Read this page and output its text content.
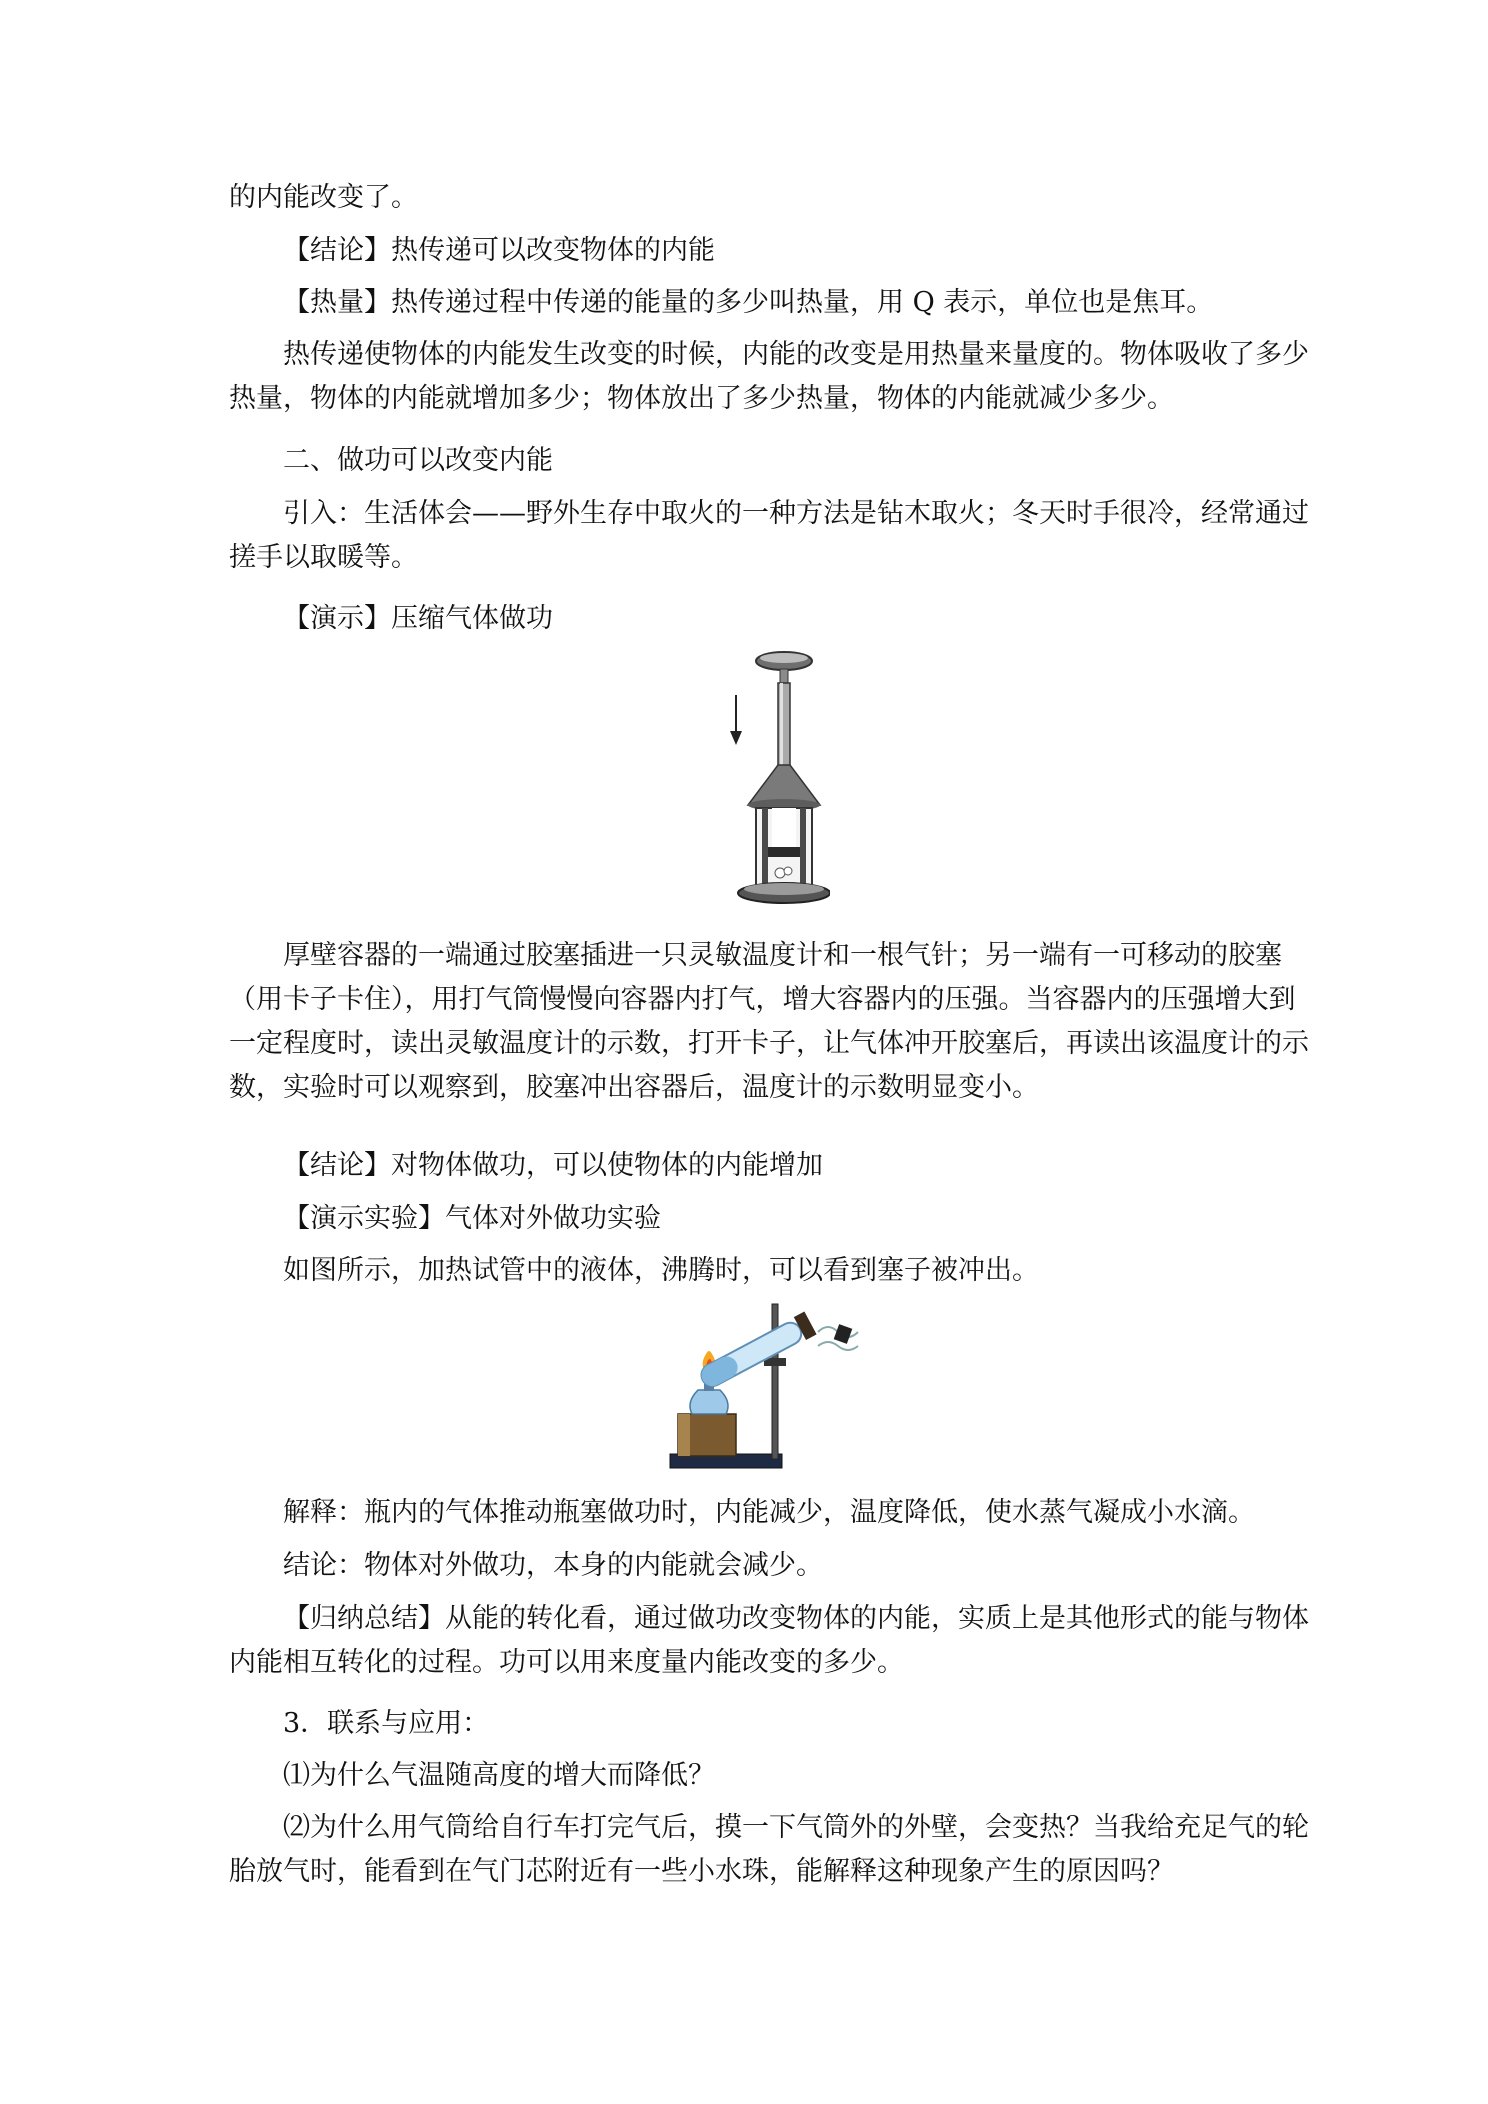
的内能改变了。

【结论】热传递可以改变物体的内能

【热量】热传递过程中传递的能量的多少叫热量，用 Q 表示，单位也是焦耳。

热传递使物体的内能发生改变的时候，内能的改变是用热量来量度的。物体吸收了多少
热量，物体的内能就增加多少；物体放出了多少热量，物体的内能就减少多少。

二、做功可以改变内能

引入：生活体会——野外生存中取火的一种方法是钻木取火；冬天时手很冷，经常通过
搓手以取暖等。

【演示】压缩气体做功

厚壁容器的一端通过胶塞插进一只灵敏温度计和一根气针；另一端有一可移动的胶塞
（用卡子卡住），用打气筒慢慢向容器内打气，增大容器内的压强。当容器内的压强增大到
一定程度时，读出灵敏温度计的示数，打开卡子，让气体冲开胶塞后，再读出该温度计的示
数，实验时可以观察到，胶塞冲出容器后，温度计的示数明显变小。

【结论】对物体做功，可以使物体的内能增加

【演示实验】气体对外做功实验

如图所示，加热试管中的液体，沸腾时，可以看到塞子被冲出。

解释：瓶内的气体推动瓶塞做功时，内能减少，温度降低，使水蒸气凝成小水滴。

结论：物体对外做功，本身的内能就会减少。

【归纳总结】从能的转化看，通过做功改变物体的内能，实质上是其他形式的能与物体
内能相互转化的过程。功可以用来度量内能改变的多少。

3．联系与应用：

⑴为什么气温随高度的增大而降低？

⑵为什么用气筒给自行车打完气后，摸一下气筒外的外壁，会变热？当我给充足气的轮
胎放气时，能看到在气门芯附近有一些小水珠，能解释这种现象产生的原因吗？
